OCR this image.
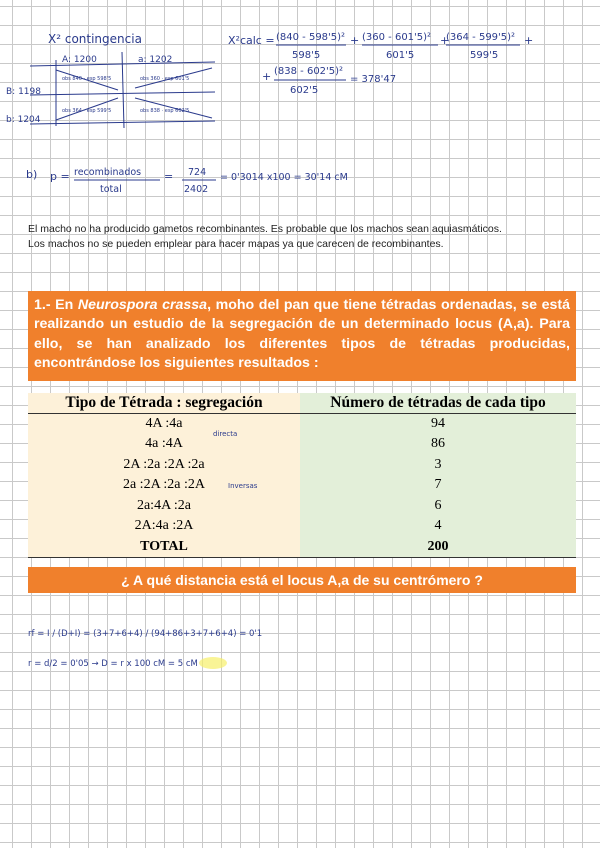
X² contingencia
A: 1200	a: 1202
B: 1198
b: 1204
obs 840 · esp 598'5	obs 360 · esp 601'5
obs 364 · esp 599'5	obs 838 · esp 602'5
X²calc = (840 - 598'5)²
598'5
+ (360 - 601'5)²
601'5
+
(364 - 599'5)²
599'5
+
+ (838 - 602'5)²
602'5
= 378'47
b) p = recombinados
total
= 724
2402
= 0'3014 x100 = 30'14 cM
rf = I / (D+I) = (3+7+6+4) / (94+86+3+7+6+4) = 0'1
r = d/2 = 0'05 → D = r x 100 cM = 5 cM
El macho no ha producido gametos recombinantes. Es probable que los machos sean aquiasmáticos.
Los machos no se pueden emplear para hacer mapas ya que carecen de recombinantes.
1.- En Neurospora crassa, moho del pan que tiene tétradas ordenadas, se está realizando un estudio de la segregación de un determinado locus (A,a). Para ello, se han analizado los diferentes tipos de tétradas producidas, encontrándose los siguientes resultados :
Tipo de Tétrada : segregación	Número de tétradas de cada tipo
4A :4a	94
4a :4A	86
2A :2a :2A :2a	3
2a :2A :2a :2A	7
2a:4A :2a	6
2A:4a :2A	4
TOTAL	200
directa
Inversas
¿ A qué distancia está el locus A,a de su centrómero ?
